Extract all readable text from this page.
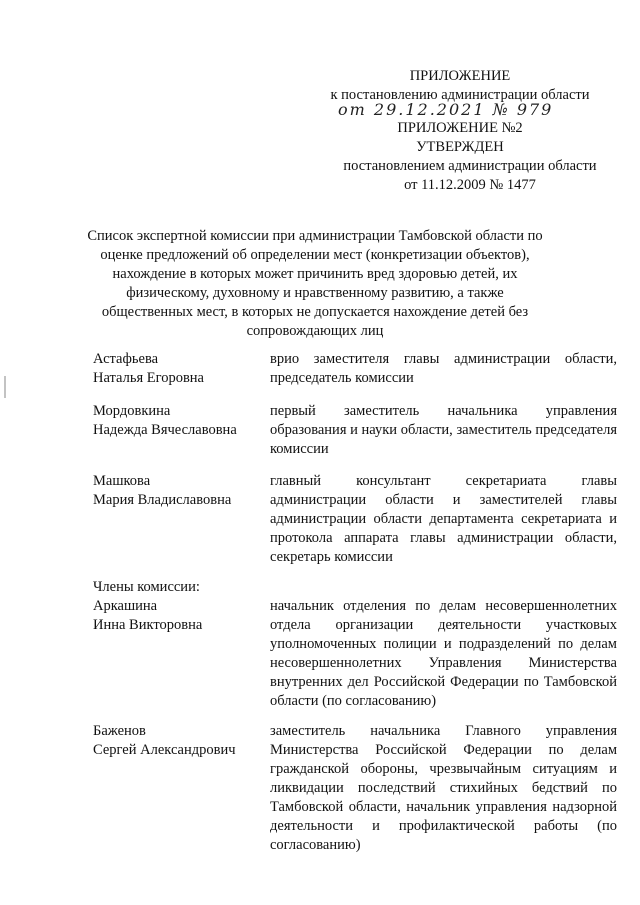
ПРИЛОЖЕНИЕ
к постановлению администрации области
от 29.12.2021 № 979
ПРИЛОЖЕНИЕ №2
УТВЕРЖДЕН
постановлением администрации области
от 11.12.2009 № 1477
Список экспертной комиссии при администрации Тамбовской области по оценке предложений об определении мест (конкретизации объектов), нахождение в которых может причинить вред здоровью детей, их физическому, духовному и нравственному развитию, а также общественных мест, в которых не допускается нахождение детей без сопровождающих лиц
Астафьева
Наталья Егоровна
врио заместителя главы администрации области, председатель комиссии
Мордовкина
Надежда Вячеславовна
первый заместитель начальника управления образования и науки области, заместитель председателя комиссии
Машкова
Мария Владиславовна
главный консультант секретариата главы администрации области и заместителей главы администрации области департамента секретариата и протокола аппарата главы администрации области, секретарь комиссии
Члены комиссии:
Аркашина
Инна Викторовна
начальник отделения по делам несовершеннолетних отдела организации деятельности участковых уполномоченных полиции и подразделений по делам несовершеннолетних Управления Министерства внутренних дел Российской Федерации по Тамбовской области (по согласованию)
Баженов
Сергей Александрович
заместитель начальника Главного управления Министерства Российской Федерации по делам гражданской обороны, чрезвычайным ситуациям и ликвидации последствий стихийных бедствий по Тамбовской области, начальник управления надзорной деятельности и профилактической работы (по согласованию)
